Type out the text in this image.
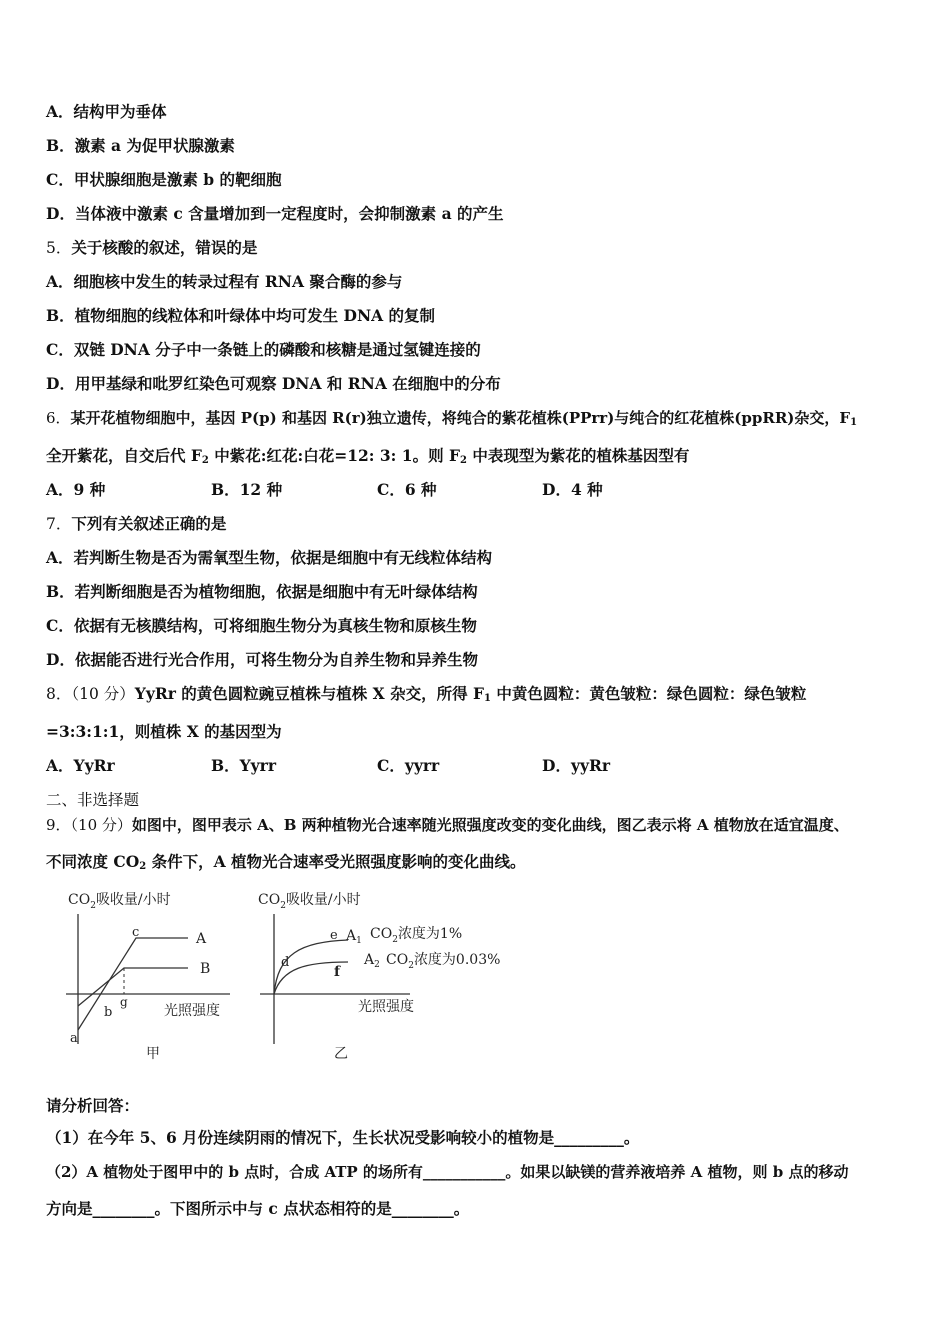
A．结构甲为垂体
B．激素 a 为促甲状腺激素
C．甲状腺细胞是激素 b 的靶细胞
D．当体液中激素 c 含量增加到一定程度时，会抑制激素 a 的产生
5．关于核酸的叙述，错误的是
A．细胞核中发生的转录过程有 RNA 聚合酶的参与
B．植物细胞的线粒体和叶绿体中均可发生 DNA 的复制
C．双链 DNA 分子中一条链上的磷酸和核糖是通过氢键连接的
D．用甲基绿和吡罗红染色可观察 DNA 和 RNA 在细胞中的分布
6．某开花植物细胞中，基因 P(p) 和基因 R(r)独立遗传，将纯合的紫花植株(PPrr)与纯合的红花植株(ppRR)杂交，$F_1$
全开紫花，自交后代 $F_2$ 中紫花:红花:白花=12: 3: 1。则 $F_2$ 中表现型为紫花的植株基因型有
A．9 种	B．12 种	C．6 种	D．4 种
7．下列有关叙述正确的是
A．若判断生物是否为需氧型生物，依据是细胞中有无线粒体结构
B．若判断细胞是否为植物细胞，依据是细胞中有无叶绿体结构
C．依据有无核膜结构，可将细胞生物分为真核生物和原核生物
D．依据能否进行光合作用，可将生物分为自养生物和异养生物
8．（10 分）YyRr 的黄色圆粒豌豆植株与植株 X 杂交，所得 $F_1$ 中黄色圆粒：黄色皱粒：绿色圆粒：绿色皱粒
=3:3:1:1，则植株 X 的基因型为
A．YyRr	B．Yyrr	C．yyrr	D．yyRr
二、非选择题
9．（10 分）如图中，图甲表示 A、B 两种植物光合速率随光照强度改变的变化曲线，图乙表示将 A 植物放在适宜温度、
不同浓度 $CO_2$ 条件下，A 植物光合速率受光照强度影响的变化曲线。
$CO_2$吸收量/小时
a
b
c
g
A
B
光照强度
甲
$CO_2$吸收量/小时
d
e
f
$A_1$ $CO_2$浓度为1%
$A_2$ $CO_2$浓度为0.03%
光照强度
乙
请分析回答：
（1）在今年 5、6 月份连续阴雨的情况下，生长状况受影响较小的植物是_________。
（2）A 植物处于图甲中的 b 点时，合成 ATP 的场所有___________。如果以缺镁的营养液培养 A 植物，则 b 点的移动
方向是________。下图所示中与 c 点状态相符的是________。
